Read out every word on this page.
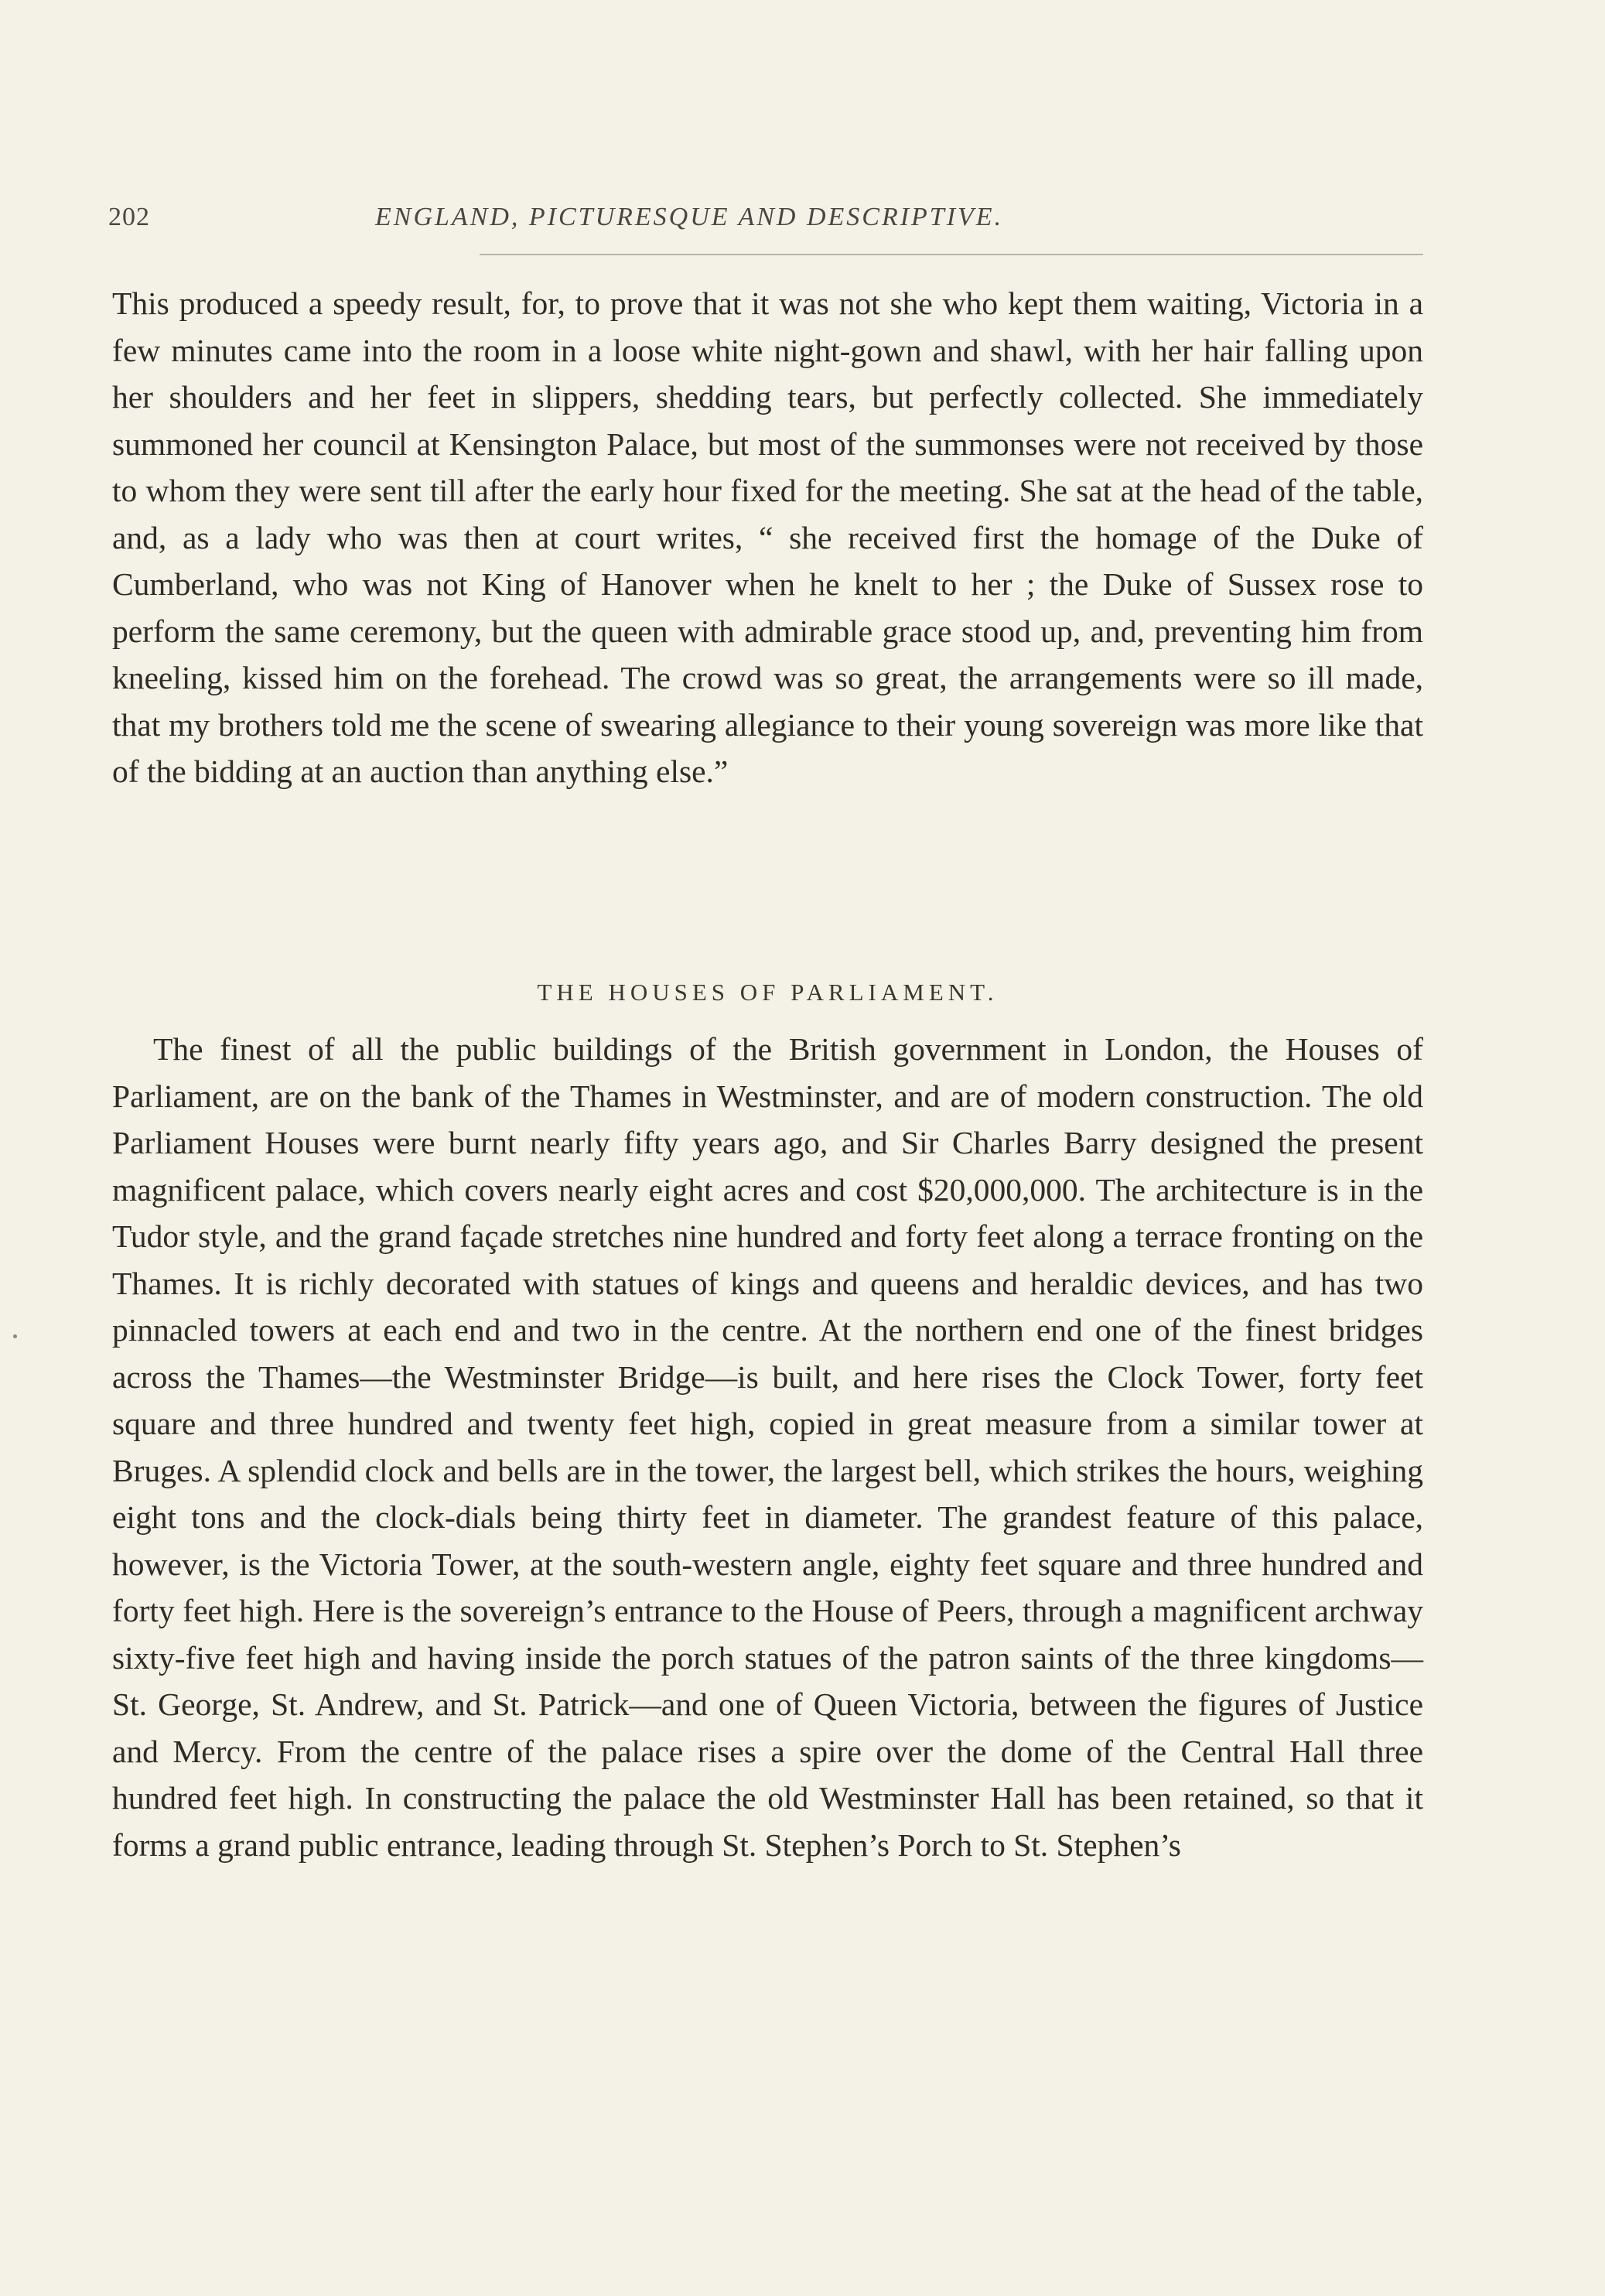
202	ENGLAND, PICTURESQUE AND DESCRIPTIVE.

This produced a speedy result, for, to prove that it was not she who kept them waiting, Victoria in a few minutes came into the room in a loose white night-gown and shawl, with her hair falling upon her shoulders and her feet in slippers, shedding tears, but perfectly collected. She immediately summoned her council at Kensington Palace, but most of the summonses were not received by those to whom they were sent till after the early hour fixed for the meeting. She sat at the head of the table, and, as a lady who was then at court writes, “ she received first the homage of the Duke of Cumberland, who was not King of Hanover when he knelt to her ; the Duke of Sussex rose to perform the same ceremony, but the queen with admirable grace stood up, and, preventing him from kneeling, kissed him on the forehead. The crowd was so great, the arrangements were so ill made, that my brothers told me the scene of swearing allegiance to their young sovereign was more like that of the bidding at an auction than anything else.”

THE HOUSES OF PARLIAMENT.

The finest of all the public buildings of the British government in London, the Houses of Parliament, are on the bank of the Thames in Westminster, and are of modern construction. The old Parliament Houses were burnt nearly fifty years ago, and Sir Charles Barry designed the present magnificent palace, which covers nearly eight acres and cost $20,000,000. The architecture is in the Tudor style, and the grand façade stretches nine hundred and forty feet along a terrace fronting on the Thames. It is richly decorated with statues of kings and queens and heraldic devices, and has two pinnacled towers at each end and two in the centre. At the northern end one of the finest bridges across the Thames—the Westminster Bridge—is built, and here rises the Clock Tower, forty feet square and three hundred and twenty feet high, copied in great measure from a similar tower at Bruges. A splendid clock and bells are in the tower, the largest bell, which strikes the hours, weighing eight tons and the clock-dials being thirty feet in diameter. The grandest feature of this palace, however, is the Victoria Tower, at the south-western angle, eighty feet square and three hundred and forty feet high. Here is the sovereign’s entrance to the House of Peers, through a magnificent archway sixty-five feet high and having inside the porch statues of the patron saints of the three kingdoms—St. George, St. Andrew, and St. Patrick—and one of Queen Victoria, between the figures of Justice and Mercy. From the centre of the palace rises a spire over the dome of the Central Hall three hundred feet high. In constructing the palace the old Westminster Hall has been retained, so that it forms a grand public entrance, leading through St. Stephen’s Porch to St. Stephen’s
